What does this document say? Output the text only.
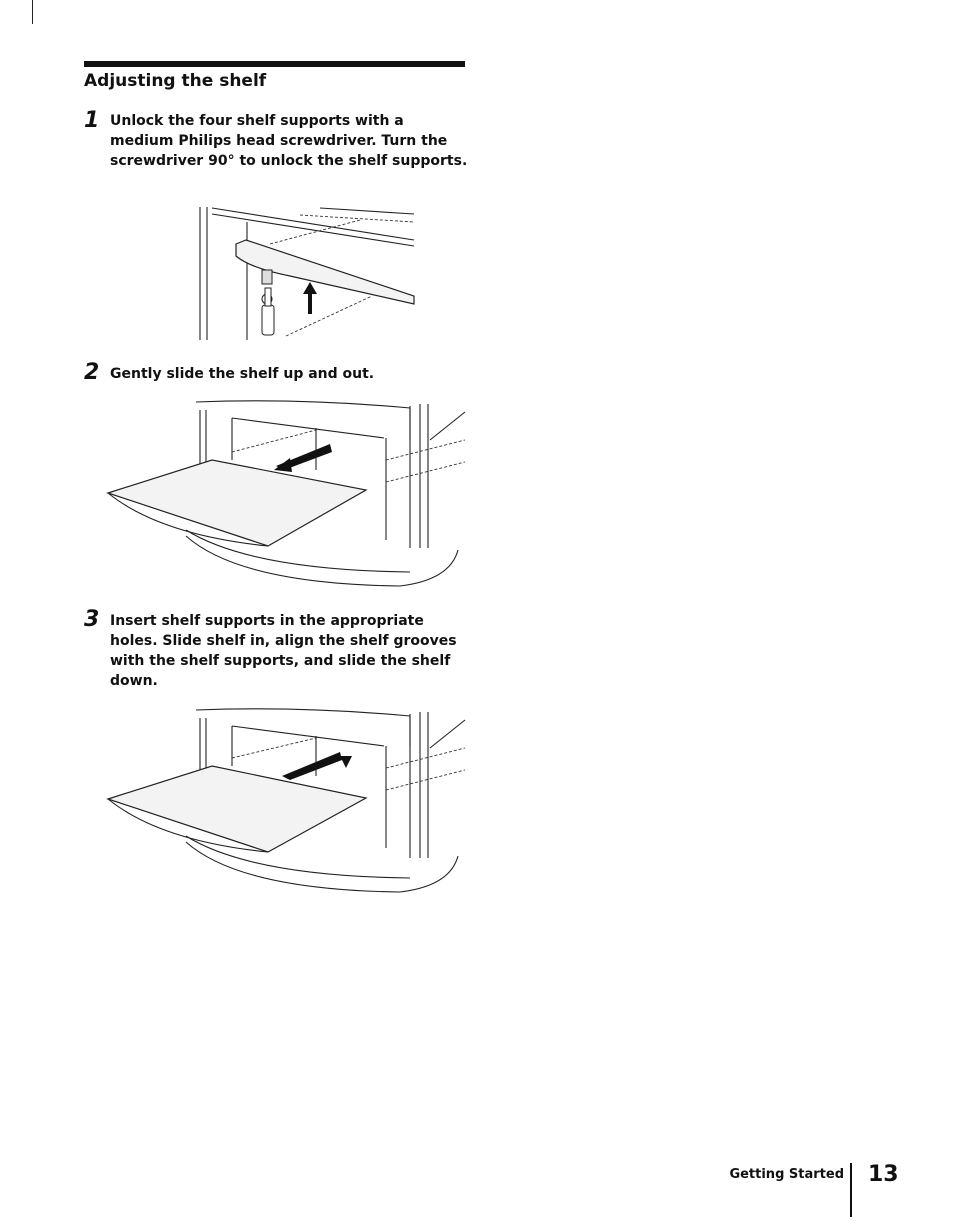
Adjusting the shelf
1 Unlock the four shelf supports with a medium Philips head screwdriver. Turn the screwdriver 90° to unlock the shelf supports.

2 Gently slide the shelf up and out.

3 Insert shelf supports in the appropriate holes. Slide shelf in, align the shelf grooves with the shelf supports, and slide the shelf down.

Getting Started 13
